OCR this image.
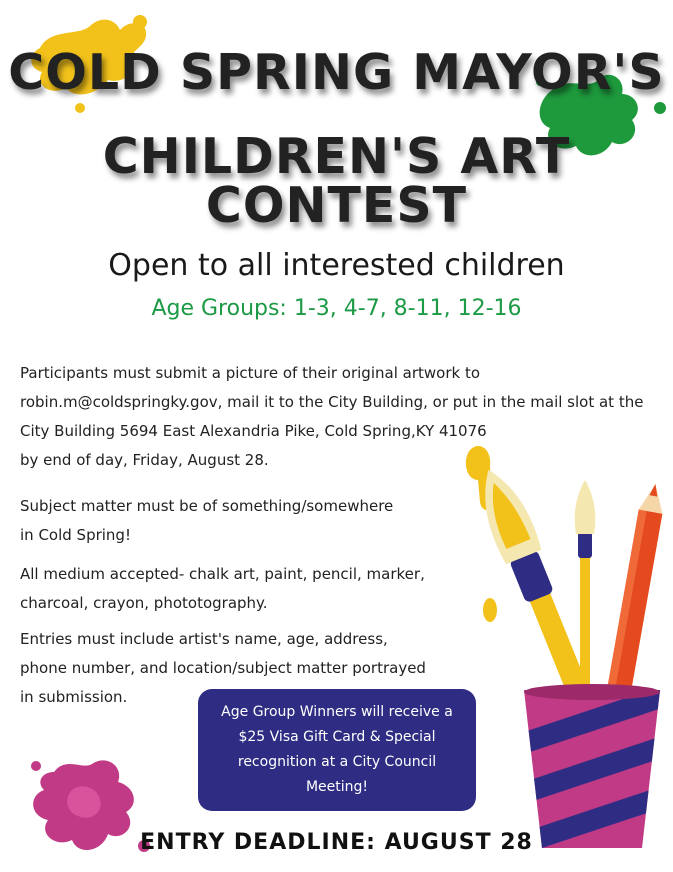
COLD SPRING MAYOR'S
CHILDREN'S ART CONTEST
Open to all interested children
Age Groups: 1-3, 4-7, 8-11, 12-16
Participants must submit a picture of their original artwork to
robin.m@coldspringky.gov, mail it to the City Building, or put in the mail slot at the
City Building 5694 East Alexandria Pike, Cold Spring,KY 41076
by end of day, Friday, August 28.
Subject matter must be of something/somewhere
in Cold Spring!
All medium accepted- chalk art, paint, pencil, marker,
charcoal, crayon, phototography.
Entries must include artist's name, age, address,
phone number, and location/subject matter portrayed
in submission.
Age Group Winners will receive a
$25 Visa Gift Card & Special
recognition at a City Council
Meeting!
ENTRY DEADLINE: AUGUST 28
